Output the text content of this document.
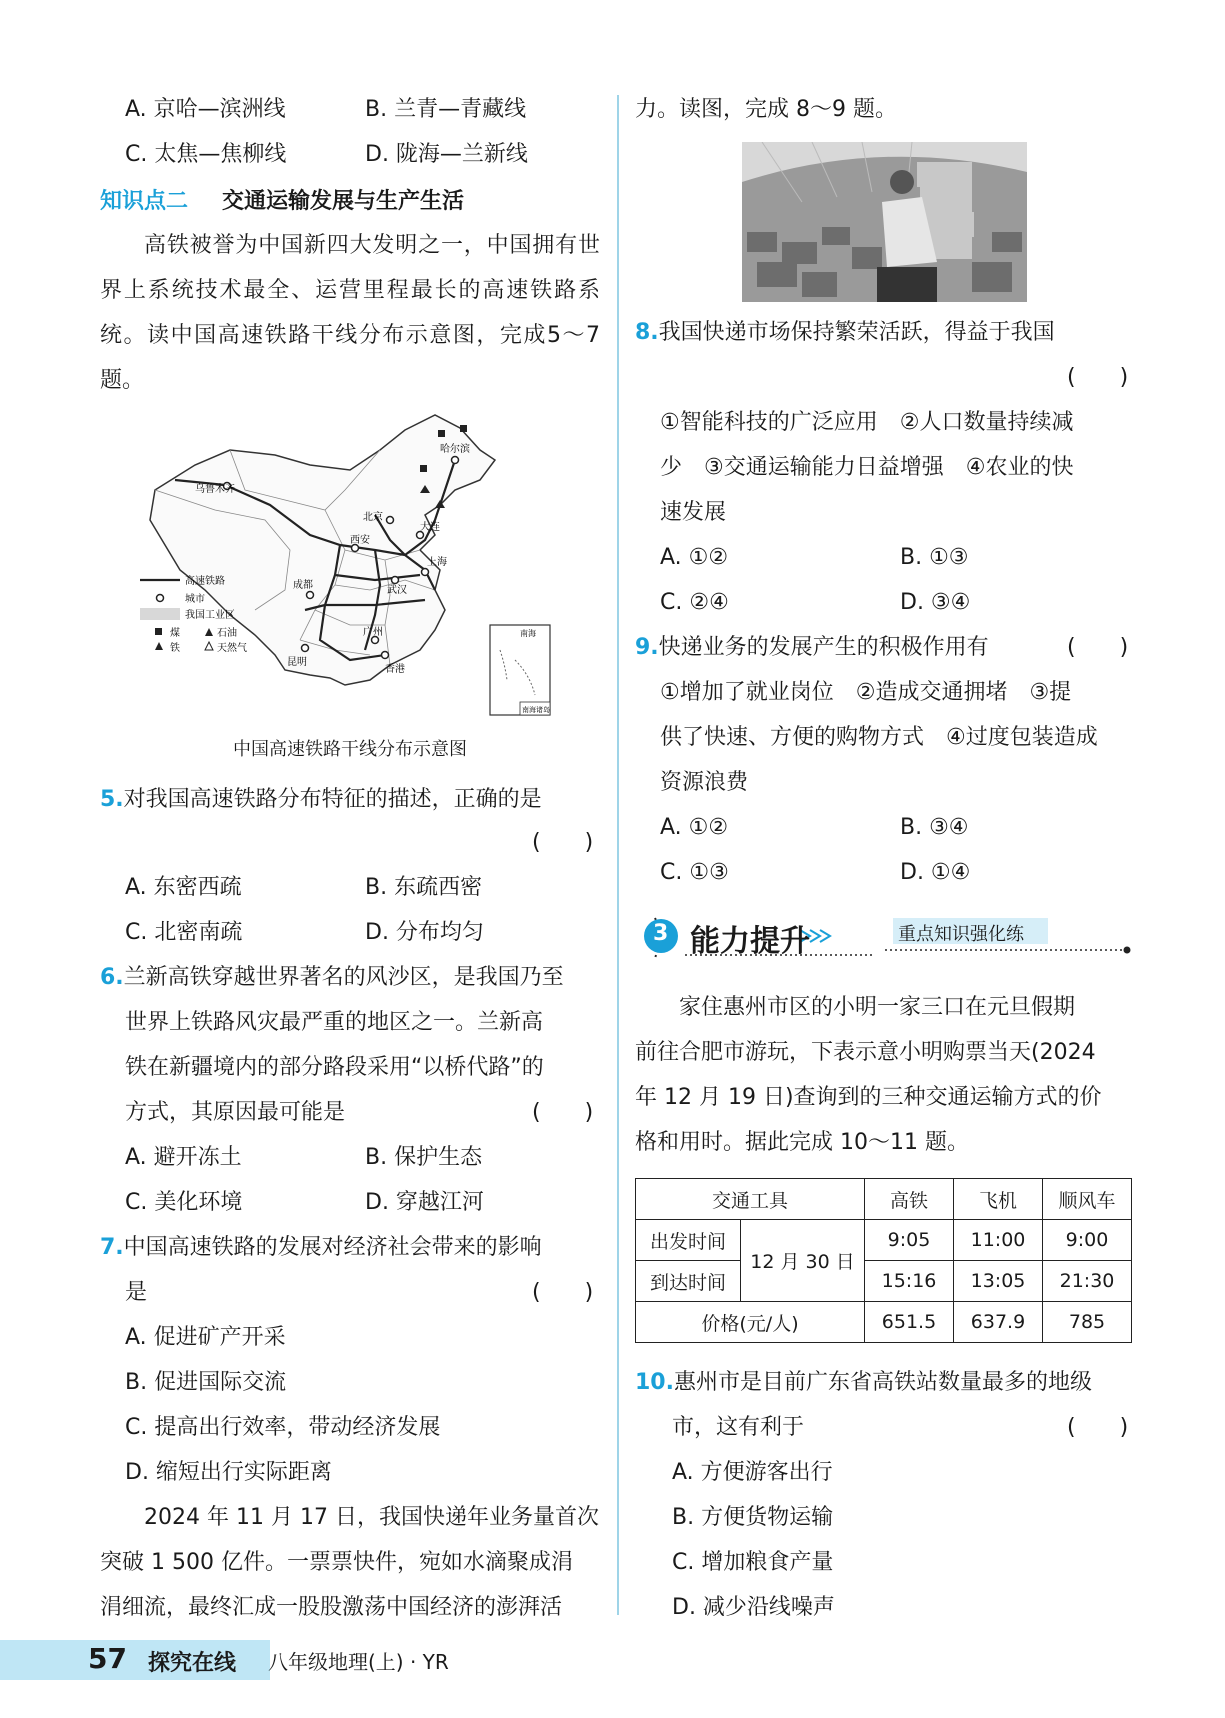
A. 京哈—滨洲线	B. 兰青—青藏线
C. 太焦—焦柳线	D. 陇海—兰新线
知识点二 交通运输发展与生产生活
高铁被誉为中国新四大发明之一，中国拥有世界上系统技术最全、运营里程最长的高速铁路系统。读中国高速铁路干线分布示意图，完成5～7题。
乌鲁木齐
哈尔滨
北京
大连
西安
武汉
上海
成都
昆明
广州
香港
高速铁路
城市
我国工业区
煤	石油
铁	天然气
南海
南海诸岛
中国高速铁路干线分布示意图
5.对我国高速铁路分布特征的描述，正确的是
(　　)
A. 东密西疏	B. 东疏西密
C. 北密南疏	D. 分布均匀
6.兰新高铁穿越世界著名的风沙区，是我国乃至
世界上铁路风灾最严重的地区之一。兰新高
铁在新疆境内的部分路段采用“以桥代路”的
方式，其原因最可能是	(　　)
A. 避开冻土	B. 保护生态
C. 美化环境	D. 穿越江河
7.中国高速铁路的发展对经济社会带来的影响
是	(　　)
A. 促进矿产开采
B. 促进国际交流
C. 提高出行效率，带动经济发展
D. 缩短出行实际距离
2024 年 11 月 17 日，我国快递年业务量首次
突破 1 500 亿件。一票票快件，宛如水滴聚成涓
涓细流，最终汇成一股股激荡中国经济的澎湃活
力。读图，完成 8～9 题。
8.我国快递市场保持繁荣活跃，得益于我国
(　　)
①智能科技的广泛应用　②人口数量持续减
少　③交通运输能力日益增强　④农业的快
速发展
A. ①②	B. ①③
C. ②④	D. ③④
9.快递业务的发展产生的积极作用有	(　　)
①增加了就业岗位　②造成交通拥堵　③提
供了快速、方便的购物方式　④过度包装造成
资源浪费
A. ①②	B. ③④
C. ①③	D. ①④
3 能力提升	重点知识强化练
家住惠州市区的小明一家三口在元旦假期
前往合肥市游玩，下表示意小明购票当天(2024
年 12 月 19 日)查询到的三种交通运输方式的价
格和用时。据此完成 10～11 题。
交通工具		高铁	飞机	顺风车
出发时间	12 月 30 日	9:05	11:00	9:00
到达时间		15:16	13:05	21:30
价格(元/人)		651.5	637.9	785
10.惠州市是目前广东省高铁站数量最多的地级
市，这有利于	(　　)
A. 方便游客出行
B. 方便货物运输
C. 增加粮食产量
D. 减少沿线噪声
57 探究在线 八年级地理(上) · YR
